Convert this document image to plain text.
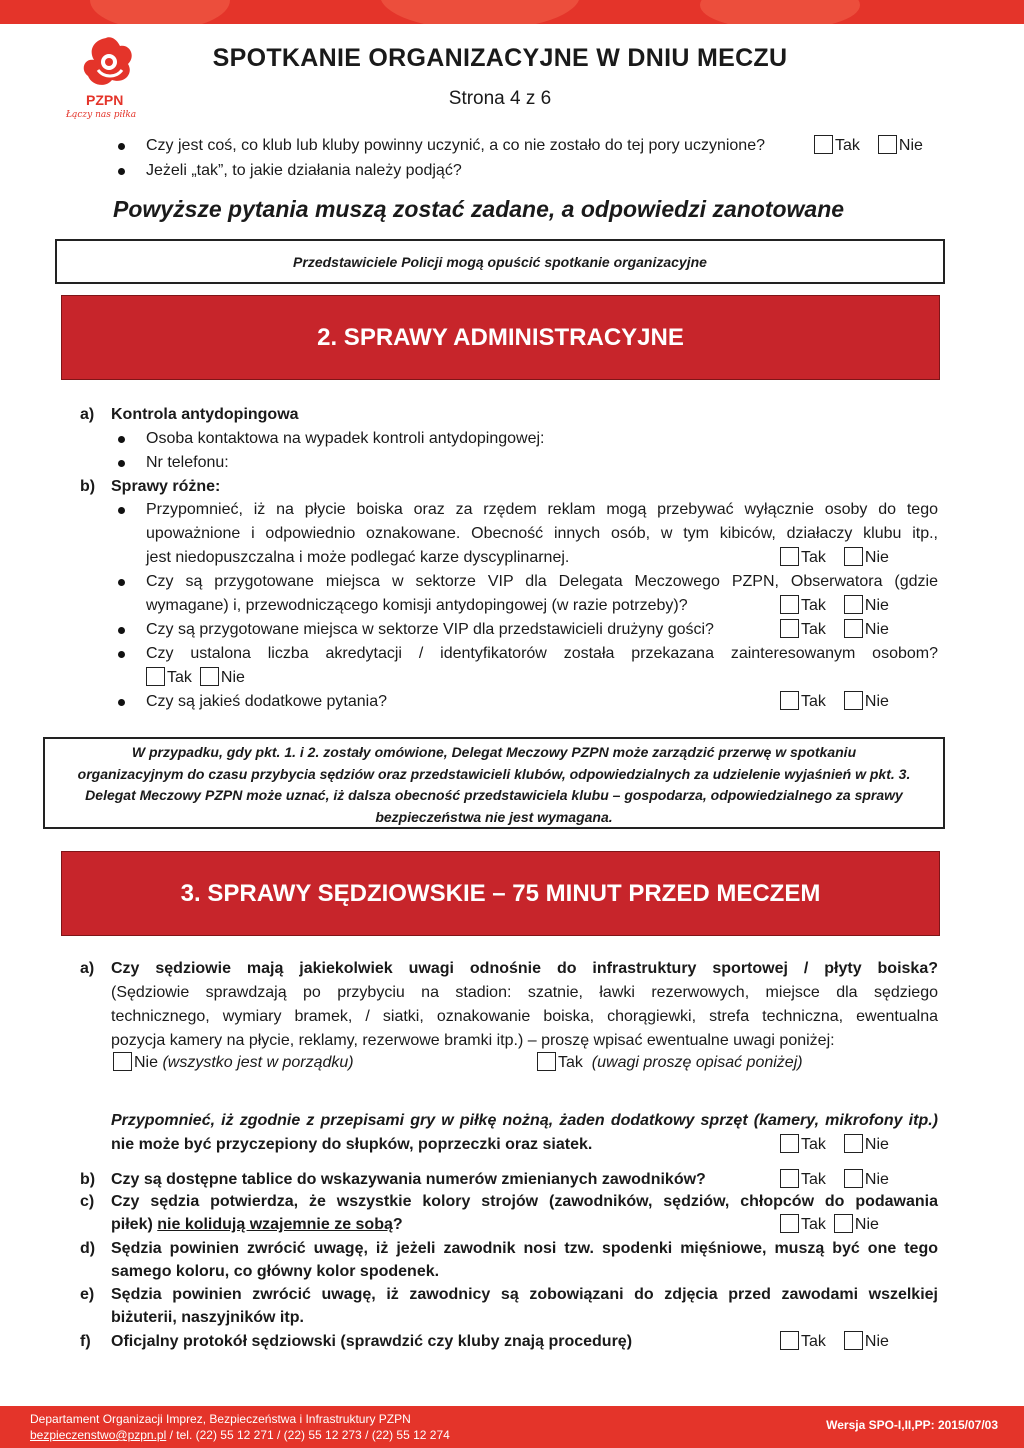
PZPN
Łączy nas piłka
SPOTKANIE ORGANIZACYJNE W DNIU MECZU
Strona 4 z 6
Czy jest coś, co klub lub kluby powinny uczynić, a co nie zostało do tej pory uczynione?	Tak Nie
Jeżeli „tak”, to jakie działania należy podjąć?
Powyższe pytania muszą zostać zadane, a odpowiedzi zanotowane
Przedstawiciele Policji mogą opuścić spotkanie organizacyjne
2. SPRAWY ADMINISTRACYJNE
a) Kontrola antydopingowa
Osoba kontaktowa na wypadek kontroli antydopingowej:
Nr telefonu:
b) Sprawy różne:
Przypomnieć, iż na płycie boiska oraz za rzędem reklam mogą przebywać wyłącznie osoby do tego
upoważnione i odpowiednio oznakowane. Obecność innych osób, w tym kibiców, działaczy klubu itp.,
jest niedopuszczalna i może podlegać karze dyscyplinarnej.	Tak Nie
Czy są przygotowane miejsca w sektorze VIP dla Delegata Meczowego PZPN, Obserwatora (gdzie
wymagane) i, przewodniczącego komisji antydopingowej (w razie potrzeby)?	Tak Nie
Czy są przygotowane miejsca w sektorze VIP dla przedstawicieli drużyny gości?	Tak Nie
Czy ustalona liczba akredytacji / identyfikatorów została przekazana zainteresowanym osobom?
Tak Nie
Czy są jakieś dodatkowe pytania?	Tak Nie
W przypadku, gdy pkt. 1. i 2. zostały omówione, Delegat Meczowy PZPN może zarządzić przerwę w spotkaniu
organizacyjnym do czasu przybycia sędziów oraz przedstawicieli klubów, odpowiedzialnych za udzielenie wyjaśnień w pkt. 3.
Delegat Meczowy PZPN może uznać, iż dalsza obecność przedstawiciela klubu – gospodarza, odpowiedzialnego za sprawy
bezpieczeństwa nie jest wymagana.
3. SPRAWY SĘDZIOWSKIE – 75 MINUT PRZED MECZEM
a) Czy sędziowie mają jakiekolwiek uwagi odnośnie do infrastruktury sportowej / płyty boiska?
(Sędziowie sprawdzają po przybyciu na stadion: szatnie, ławki rezerwowych, miejsce dla sędziego
technicznego, wymiary bramek, / siatki, oznakowanie boiska, chorągiewki, strefa techniczna, ewentualna
pozycja kamery na płycie, reklamy, rezerwowe bramki itp.) – proszę wpisać ewentualne uwagi poniżej:
Nie (wszystko jest w porządku)	Tak (uwagi proszę opisać poniżej)
Przypomnieć, iż zgodnie z przepisami gry w piłkę nożną, żaden dodatkowy sprzęt (kamery, mikrofony itp.)
nie może być przyczepiony do słupków, poprzeczki oraz siatek.	Tak Nie
b) Czy są dostępne tablice do wskazywania numerów zmienianych zawodników?	Tak Nie
c) Czy sędzia potwierdza, że wszystkie kolory strojów (zawodników, sędziów, chłopców do podawania
piłek) nie kolidują wzajemnie ze sobą?	Tak Nie
d) Sędzia powinien zwrócić uwagę, iż jeżeli zawodnik nosi tzw. spodenki mięśniowe, muszą być one tego
samego koloru, co główny kolor spodenek.
e) Sędzia powinien zwrócić uwagę, iż zawodnicy są zobowiązani do zdjęcia przed zawodami wszelkiej
biżuterii, naszyjników itp.
f) Oficjalny protokół sędziowski (sprawdzić czy kluby znają procedurę)	Tak Nie
Departament Organizacji Imprez, Bezpieczeństwa i Infrastruktury PZPN
bezpieczenstwo@pzpn.pl / tel. (22) 55 12 271 / (22) 55 12 273 / (22) 55 12 274
Wersja SPO-I,II,PP: 2015/07/03
